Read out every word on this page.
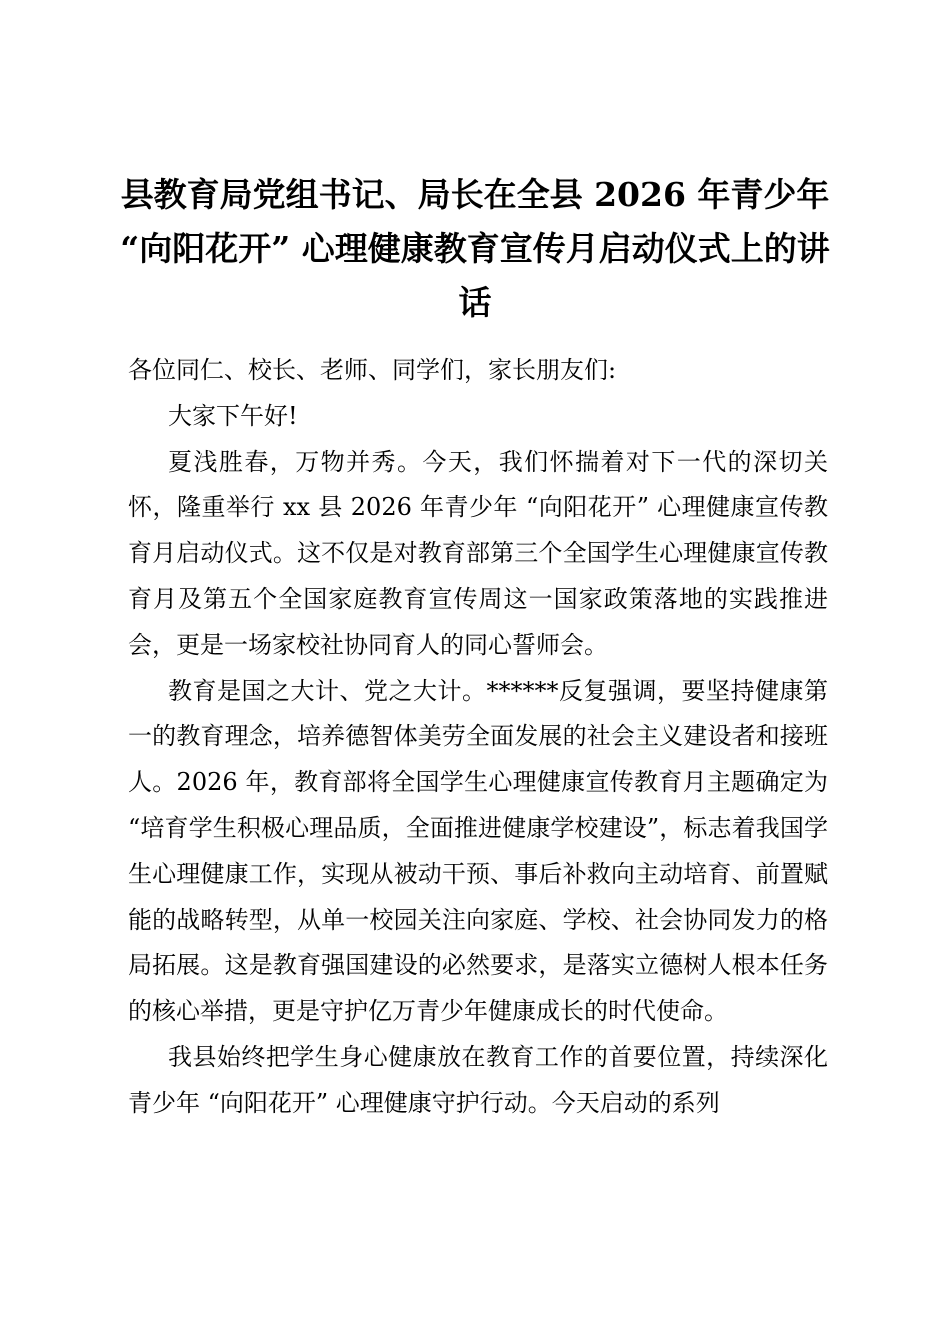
县教育局党组书记、局长在全县 2026 年青少年 “向阳花开” 心理健康教育宣传月启动仪式上的讲话

各位同仁、校长、老师、同学们，家长朋友们:

大家下午好!

夏浅胜春，万物并秀。今天，我们怀揣着对下一代的深切关怀，隆重举行 xx 县 2026 年青少年 “向阳花开” 心理健康宣传教育月启动仪式。这不仅是对教育部第三个全国学生心理健康宣传教育月及第五个全国家庭教育宣传周这一国家政策落地的实践推进会，更是一场家校社协同育人的同心誓师会。

教育是国之大计、党之大计。******反复强调，要坚持健康第一的教育理念，培养德智体美劳全面发展的社会主义建设者和接班人。2026 年，教育部将全国学生心理健康宣传教育月主题确定为 “培育学生积极心理品质，全面推进健康学校建设”，标志着我国学生心理健康工作，实现从被动干预、事后补救向主动培育、前置赋能的战略转型，从单一校园关注向家庭、学校、社会协同发力的格局拓展。这是教育强国建设的必然要求，是落实立德树人根本任务的核心举措，更是守护亿万青少年健康成长的时代使命。

我县始终把学生身心健康放在教育工作的首要位置，持续深化青少年 “向阳花开” 心理健康守护行动。今天启动的系列
